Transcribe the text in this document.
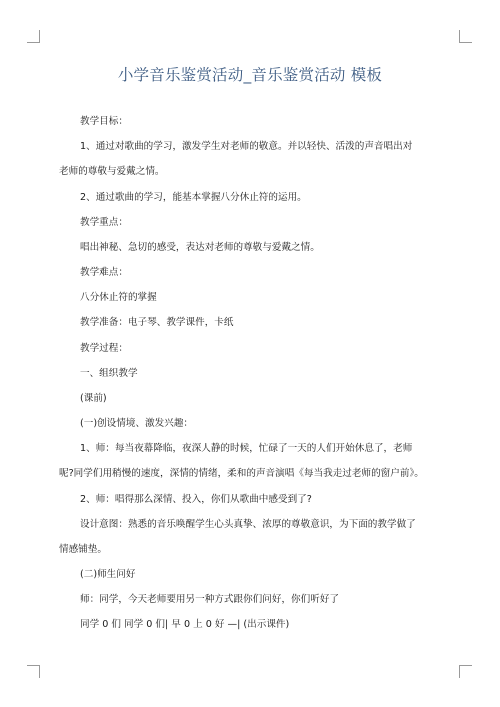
小学音乐鉴赏活动_音乐鉴赏活动 模板
教学目标：
1、通过对歌曲的学习，激发学生对老师的敬意。并以轻快、活泼的声音唱出对
老师的尊敬与爱戴之情。
2、通过歌曲的学习，能基本掌握八分休止符的运用。
教学重点：
唱出神秘、急切的感受，表达对老师的尊敬与爱戴之情。
教学难点：
八分休止符的掌握
教学准备：电子琴、教学课件，卡纸
教学过程：
一、组织教学
(课前)
(一)创设情境、激发兴趣：
1、师：每当夜幕降临，夜深人静的时候，忙碌了一天的人们开始休息了，老师
呢?同学们用稍慢的速度，深情的情绪，柔和的声音演唱《每当我走过老师的窗户前》。
2、师：唱得那么深情、投入，你们从歌曲中感受到了?
设计意图：熟悉的音乐唤醒学生心头真挚、浓厚的尊敬意识，为下面的教学做了
情感铺垫。
(二)师生问好
师：同学，今天老师要用另一种方式跟你们问好，你们听好了
同学 0 们 同学 0 们| 早 0 上 0 好 —| (出示课件)
